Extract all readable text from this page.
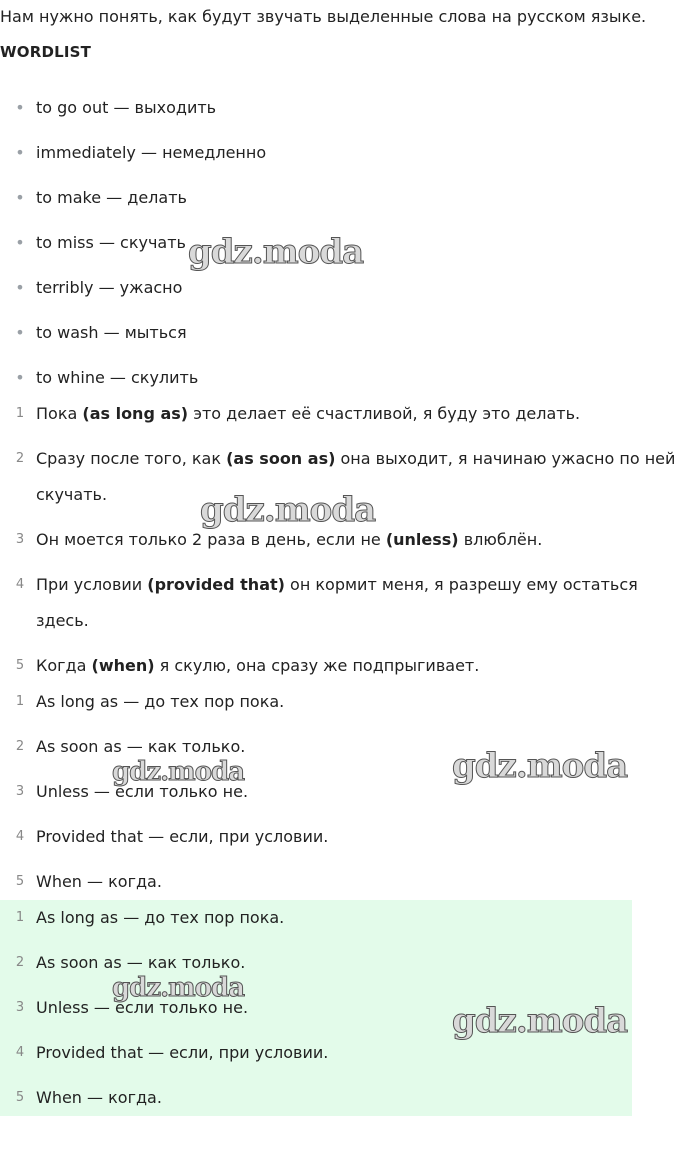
Нам нужно понять, как будут звучать выделенные слова на русском языке.
WORDLIST
• to go out — выходить
• immediately — немедленно
• to make — делать
• to miss — скучать
• terribly — ужасно
• to wash — мыться
• to whine — скулить
1 Пока (as long as) это делает её счастливой, я буду это делать.
2 Сразу после того, как (as soon as) она выходит, я начинаю ужасно по ней
скучать.
3 Он моется только 2 раза в день, если не (unless) влюблён.
4 При условии (provided that) он кормит меня, я разрешу ему остаться
здесь.
5 Когда (when) я скулю, она сразу же подпрыгивает.
1 As long as — до тех пор пока.
2 As soon as — как только.
3 Unless — если только не.
4 Provided that — если, при условии.
5 When — когда.
1 As long as — до тех пор пока.
2 As soon as — как только.
3 Unless — если только не.
4 Provided that — если, при условии.
5 When — когда.
gdz.moda
gdz.moda
gdz.moda
gdz.moda
gdz.moda
gdz.moda
